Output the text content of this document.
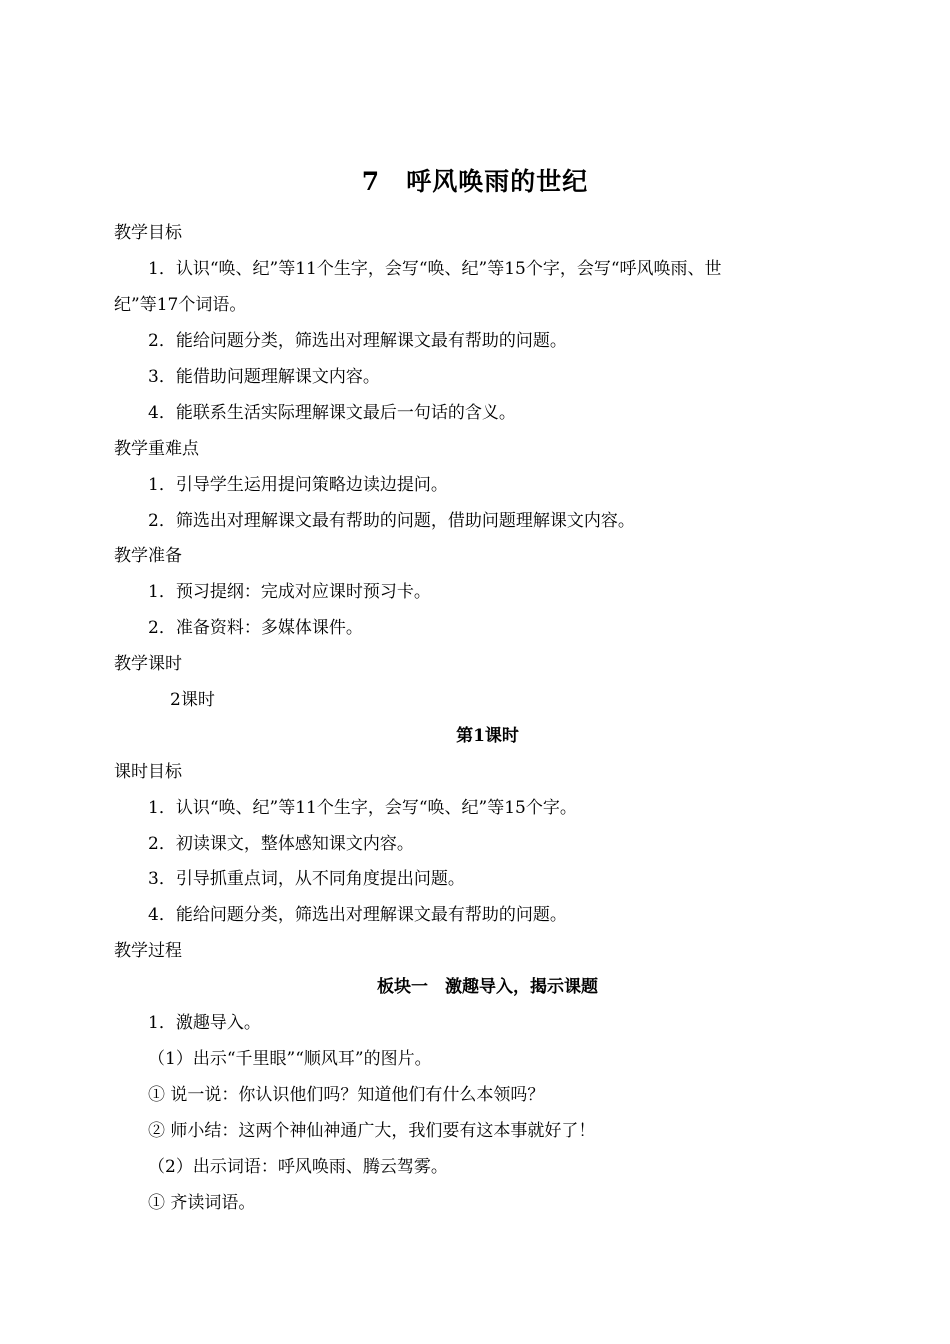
7　呼风唤雨的世纪
教学目标
1．认识“唤、纪”等11个生字，会写“唤、纪”等15个字，会写“呼风唤雨、世
纪”等17个词语。
2．能给问题分类，筛选出对理解课文最有帮助的问题。
3．能借助问题理解课文内容。
4．能联系生活实际理解课文最后一句话的含义。
教学重难点
1．引导学生运用提问策略边读边提问。
2．筛选出对理解课文最有帮助的问题，借助问题理解课文内容。
教学准备
1．预习提纲：完成对应课时预习卡。
2．准备资料：多媒体课件。
教学课时
2课时
第1课时
课时目标
1．认识“唤、纪”等11个生字，会写“唤、纪”等15个字。
2．初读课文，整体感知课文内容。
3．引导抓重点词，从不同角度提出问题。
4．能给问题分类，筛选出对理解课文最有帮助的问题。
教学过程
板块一　激趣导入，揭示课题
1．激趣导入。
（1）出示“千里眼”“顺风耳”的图片。
① 说一说：你认识他们吗？知道他们有什么本领吗？
② 师小结：这两个神仙神通广大，我们要有这本事就好了！
（2）出示词语：呼风唤雨、腾云驾雾。
① 齐读词语。
